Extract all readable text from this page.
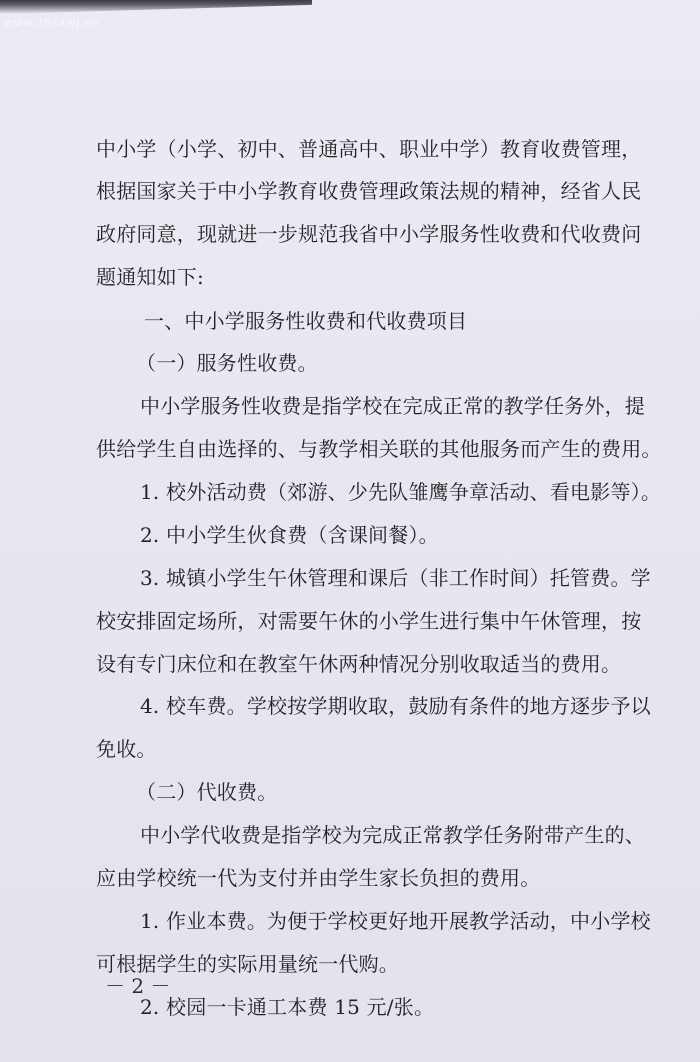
www.zhsxwj.cn
中小学（小学、初中、普通高中、职业中学）教育收费管理，
根据国家关于中小学教育收费管理政策法规的精神，经省人民
政府同意，现就进一步规范我省中小学服务性收费和代收费问
题通知如下:
一、中小学服务性收费和代收费项目
（一）服务性收费。
中小学服务性收费是指学校在完成正常的教学任务外，提
供给学生自由选择的、与教学相关联的其他服务而产生的费用。
1. 校外活动费（郊游、少先队雏鹰争章活动、看电影等）。
2. 中小学生伙食费（含课间餐）。
3. 城镇小学生午休管理和课后（非工作时间）托管费。学
校安排固定场所，对需要午休的小学生进行集中午休管理，按
设有专门床位和在教室午休两种情况分别收取适当的费用。
4. 校车费。学校按学期收取，鼓励有条件的地方逐步予以
免收。
（二）代收费。
中小学代收费是指学校为完成正常教学任务附带产生的、
应由学校统一代为支付并由学生家长负担的费用。
1. 作业本费。为便于学校更好地开展教学活动，中小学校
可根据学生的实际用量统一代购。
2. 校园一卡通工本费 15 元/张。
－ 2 －
